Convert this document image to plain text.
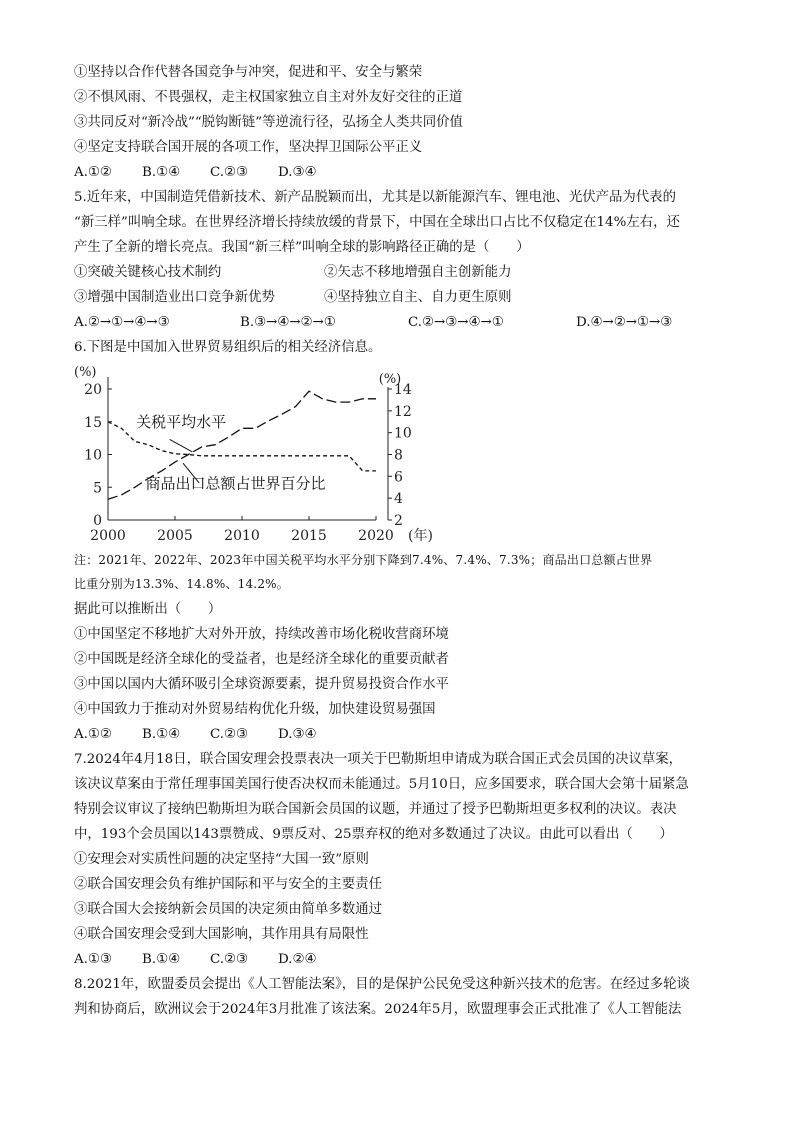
①坚持以合作代替各国竞争与冲突，促进和平、安全与繁荣
②不惧风雨、不畏强权，走主权国家独立自主对外友好交往的正道
③共同反对“新冷战”“脱钩断链”等逆流行径，弘扬全人类共同价值
④坚定支持联合国开展的各项工作，坚决捍卫国际公平正义
A.①② B.①④ C.②③ D.③④
5.近年来，中国制造凭借新技术、新产品脱颖而出，尤其是以新能源汽车、锂电池、光伏产品为代表的
“新三样”叫响全球。在世界经济增长持续放缓的背景下，中国在全球出口占比不仅稳定在14%左右，还
产生了全新的增长亮点。我国“新三样”叫响全球的影响路径正确的是（　　）
①突破关键核心技术制约	②矢志不移地增强自主创新能力
③增强中国制造业出口竞争新优势	④坚持独立自主、自力更生原则
A.②→①→④→③	B.③→④→②→①	C.②→③→④→①	D.④→②→①→③
6.下图是中国加入世界贸易组织后的相关经济信息。
0
5
10
15
20
2
4
6
8
10
12
14
2000 2005 2010 2015 2020
(%)	(%)
(年)
关税平均水平
商品出口总额占世界百分比
注：2021年、2022年、2023年中国关税平均水平分别下降到7.4%、7.4%、7.3%；商品出口总额占世界
比重分别为13.3%、14.8%、14.2%。
据此可以推断出（　　）
①中国坚定不移地扩大对外开放，持续改善市场化税收营商环境
②中国既是经济全球化的受益者，也是经济全球化的重要贡献者
③中国以国内大循环吸引全球资源要素，提升贸易投资合作水平
④中国致力于推动对外贸易结构优化升级，加快建设贸易强国
A.①② B.①④ C.②③ D.③④
7.2024年4月18日，联合国安理会投票表决一项关于巴勒斯坦申请成为联合国正式会员国的决议草案，
该决议草案由于常任理事国美国行使否决权而未能通过。5月10日，应多国要求，联合国大会第十届紧急
特别会议审议了接纳巴勒斯坦为联合国新会员国的议题，并通过了授予巴勒斯坦更多权利的决议。表决
中，193个会员国以143票赞成、9票反对、25票弃权的绝对多数通过了决议。由此可以看出（　　）
①安理会对实质性问题的决定坚持“大国一致”原则
②联合国安理会负有维护国际和平与安全的主要责任
③联合国大会接纳新会员国的决定须由简单多数通过
④联合国安理会受到大国影响，其作用具有局限性
A.①③ B.①④ C.②③ D.②④
8.2021年，欧盟委员会提出《人工智能法案》，目的是保护公民免受这种新兴技术的危害。在经过多轮谈
判和协商后，欧洲议会于2024年3月批准了该法案。2024年5月，欧盟理事会正式批准了《人工智能法
